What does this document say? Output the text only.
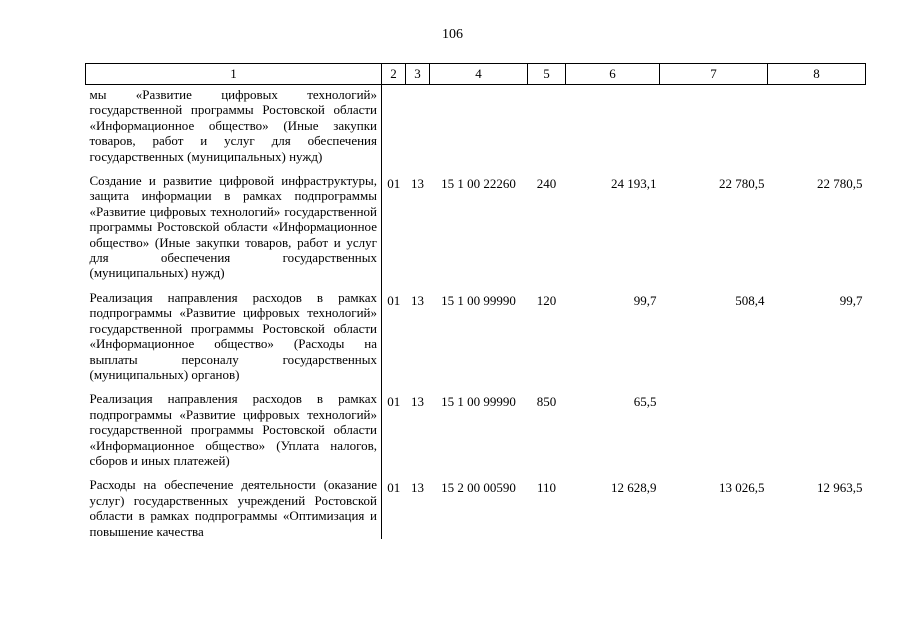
106
1	2	3	4	5	6	7	8
мы «Развитие цифровых технологий» государственной программы Ростовской области «Информационное общество» (Иные закупки товаров, работ и услуг для обеспечения государственных (муниципальных) нужд)							
Создание и развитие цифровой инфраструктуры, защита информации в рамках подпрограммы «Развитие цифровых технологий» государственной программы Ростовской области «Информационное общество» (Иные закупки товаров, работ и услуг для обеспечения государственных (муниципальных) нужд)	01	13	15 1 00 22260	240	24 193,1	22 780,5	22 780,5
Реализация направления расходов в рамках подпрограммы «Развитие цифровых технологий» государственной программы Ростовской области «Информационное общество» (Расходы на выплаты персоналу государственных (муниципальных) органов)	01	13	15 1 00 99990	120	99,7	508,4	99,7
Реализация направления расходов в рамках подпрограммы «Развитие цифровых технологий» государственной программы Ростовской области «Информационное общество» (Уплата налогов, сборов и иных платежей)	01	13	15 1 00 99990	850	65,5		
Расходы на обеспечение деятельности (оказание услуг) государственных учреждений Ростовской области в рамках подпрограммы «Оптимизация и повышение качества	01	13	15 2 00 00590	110	12 628,9	13 026,5	12 963,5
